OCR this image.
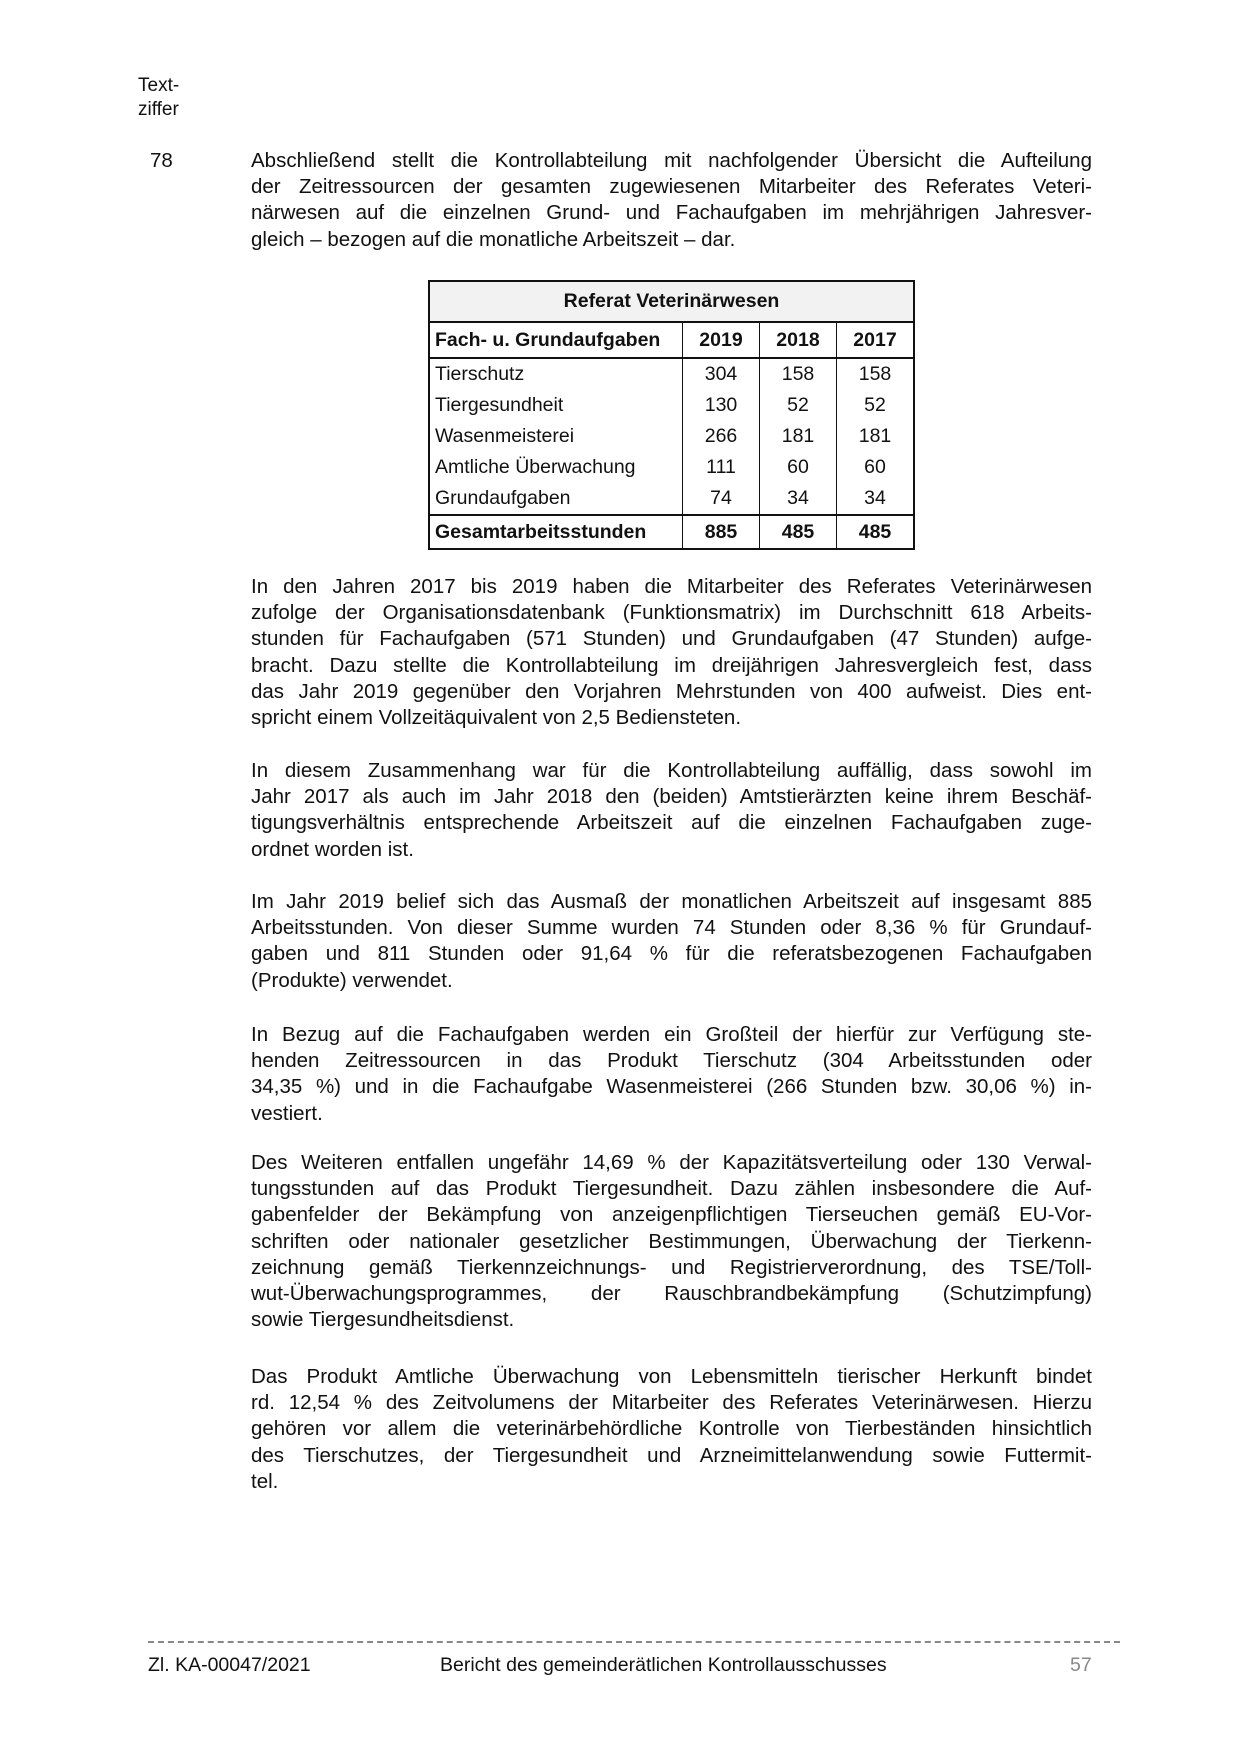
Text-
ziffer
78	Abschließend stellt die Kontrollabteilung mit nachfolgender Übersicht die Aufteilung
der Zeitressourcen der gesamten zugewiesenen Mitarbeiter des Referates Veteri-
närwesen auf die einzelnen Grund- und Fachaufgaben im mehrjährigen Jahresver-
gleich – bezogen auf die monatliche Arbeitszeit – dar.
In den Jahren 2017 bis 2019 haben die Mitarbeiter des Referates Veterinärwesen
zufolge der Organisationsdatenbank (Funktionsmatrix) im Durchschnitt 618 Arbeits-
stunden für Fachaufgaben (571 Stunden) und Grundaufgaben (47 Stunden) aufge-
bracht. Dazu stellte die Kontrollabteilung im dreijährigen Jahresvergleich fest, dass
das Jahr 2019 gegenüber den Vorjahren Mehrstunden von 400 aufweist. Dies ent-
spricht einem Vollzeitäquivalent von 2,5 Bediensteten.
In diesem Zusammenhang war für die Kontrollabteilung auffällig, dass sowohl im
Jahr 2017 als auch im Jahr 2018 den (beiden) Amtstierärzten keine ihrem Beschäf-
tigungsverhältnis entsprechende Arbeitszeit auf die einzelnen Fachaufgaben zuge-
ordnet worden ist.
Im Jahr 2019 belief sich das Ausmaß der monatlichen Arbeitszeit auf insgesamt 885
Arbeitsstunden. Von dieser Summe wurden 74 Stunden oder 8,36 % für Grundauf-
gaben und 811 Stunden oder 91,64 % für die referatsbezogenen Fachaufgaben
(Produkte) verwendet.
In Bezug auf die Fachaufgaben werden ein Großteil der hierfür zur Verfügung ste-
henden Zeitressourcen in das Produkt Tierschutz (304 Arbeitsstunden oder
34,35 %) und in die Fachaufgabe Wasenmeisterei (266 Stunden bzw. 30,06 %) in-
vestiert.
Des Weiteren entfallen ungefähr 14,69 % der Kapazitätsverteilung oder 130 Verwal-
tungsstunden auf das Produkt Tiergesundheit. Dazu zählen insbesondere die Auf-
gabenfelder der Bekämpfung von anzeigenpflichtigen Tierseuchen gemäß EU-Vor-
schriften oder nationaler gesetzlicher Bestimmungen, Überwachung der Tierkenn-
zeichnung gemäß Tierkennzeichnungs- und Registrierverordnung, des TSE/Toll-
wut-Überwachungsprogrammes, der Rauschbrandbekämpfung (Schutzimpfung)
sowie Tiergesundheitsdienst.
Das Produkt Amtliche Überwachung von Lebensmitteln tierischer Herkunft bindet
rd. 12,54 % des Zeitvolumens der Mitarbeiter des Referates Veterinärwesen. Hierzu
gehören vor allem die veterinärbehördliche Kontrolle von Tierbeständen hinsichtlich
des Tierschutzes, der Tiergesundheit und Arzneimittelanwendung sowie Futtermit-
tel.
Referat Veterinärwesen			
Fach- u. Grundaufgaben	2019	2018	2017
Tierschutz	304	158	158
Tiergesundheit	130	52	52
Wasenmeisterei	266	181	181
Amtliche Überwachung	111	60	60
Grundaufgaben	74	34	34
Gesamtarbeitsstunden	885	485	485
Zl. KA-00047/2021	Bericht des gemeinderätlichen Kontrollausschusses	57
